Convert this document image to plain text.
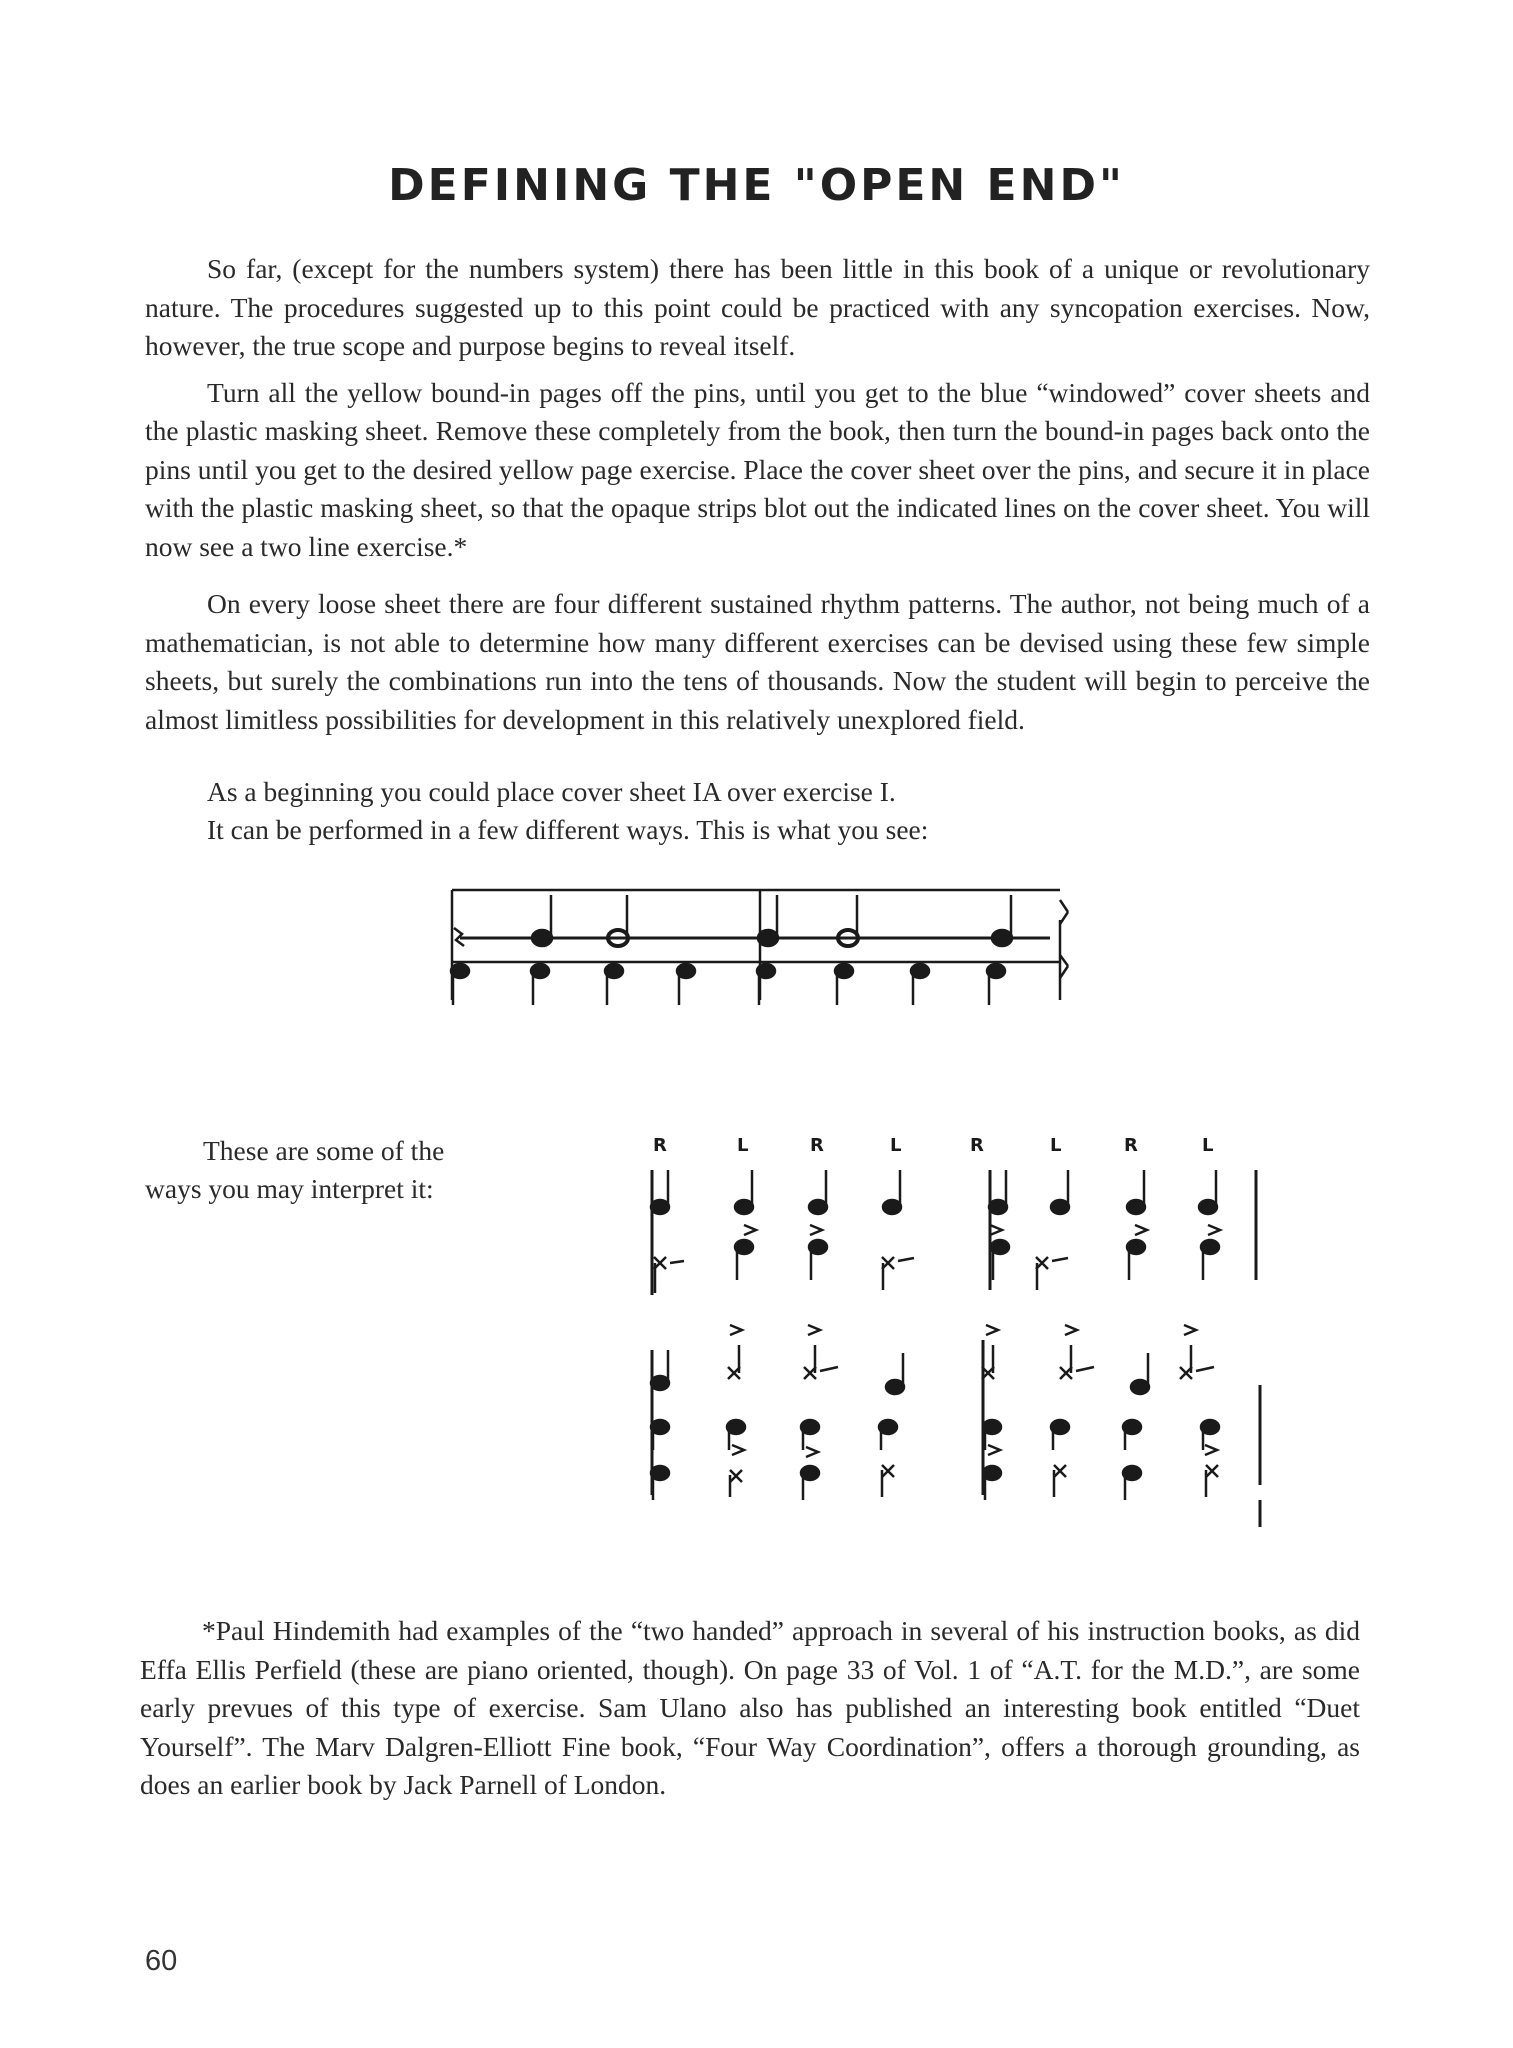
DEFINING THE "OPEN END"

So far, (except for the numbers system) there has been little in this book of a unique or revolutionary nature. The procedures suggested up to this point could be practiced with any syncopation exercises. Now, however, the true scope and purpose begins to reveal itself.

Turn all the yellow bound-in pages off the pins, until you get to the blue “windowed” cover sheets and the plastic masking sheet. Remove these completely from the book, then turn the bound-in pages back onto the pins until you get to the desired yellow page exercise. Place the cover sheet over the pins, and secure it in place with the plastic masking sheet, so that the opaque strips blot out the indicated lines on the cover sheet. You will now see a two line exercise.*

On every loose sheet there are four different sustained rhythm patterns. The author, not being much of a mathematician, is not able to determine how many different exercises can be devised using these few simple sheets, but surely the combinations run into the tens of thousands. Now the student will begin to perceive the almost limitless possibilities for development in this relatively unexplored field.

As a beginning you could place cover sheet IA over exercise I.

It can be performed in a few different ways. This is what you see:

These are some of the
ways you may interpret it:
R	L	R	L	R	L	R	L

*Paul Hindemith had examples of the “two handed” approach in several of his instruction books, as did Effa Ellis Perfield (these are piano oriented, though). On page 33 of Vol. 1 of “A.T. for the M.D.”, are some early prevues of this type of exercise. Sam Ulano also has published an interesting book entitled “Duet Yourself”. The Marv Dalgren-Elliott Fine book, “Four Way Coordination”, offers a thorough grounding, as does an earlier book by Jack Parnell of London.

60
